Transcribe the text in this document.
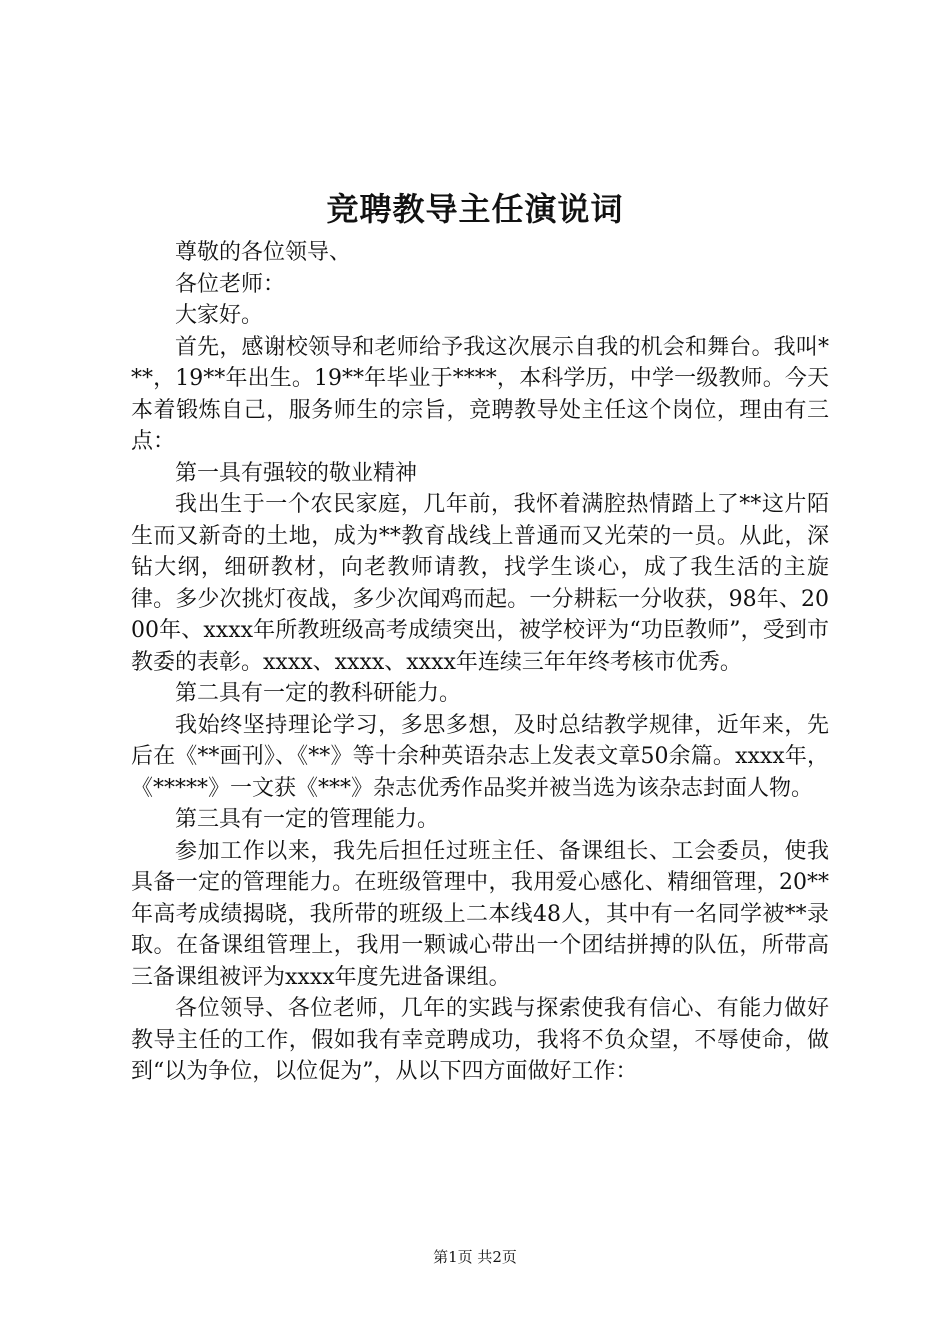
竞聘教导主任演说词

尊敬的各位领导、

各位老师：

大家好。

首先，感谢校领导和老师给予我这次展示自我的机会和舞台。我叫***，19**年出生。19**年毕业于****，本科学历，中学一级教师。今天本着锻炼自己，服务师生的宗旨，竞聘教导处主任这个岗位，理由有三点：

第一具有强较的敬业精神

我出生于一个农民家庭，几年前，我怀着满腔热情踏上了**这片陌生而又新奇的土地，成为**教育战线上普通而又光荣的一员。从此，深钻大纲，细研教材，向老教师请教，找学生谈心，成了我生活的主旋律。多少次挑灯夜战，多少次闻鸡而起。一分耕耘一分收获，98年、2000年、xxxx年所教班级高考成绩突出，被学校评为“功臣教师”，受到市教委的表彰。xxxx、xxxx、xxxx年连续三年年终考核市优秀。

第二具有一定的教科研能力。

我始终坚持理论学习，多思多想，及时总结教学规律，近年来，先后在《**画刊》、《**》等十余种英语杂志上发表文章50余篇。xxxx年，《*****》一文获《***》杂志优秀作品奖并被当选为该杂志封面人物。

第三具有一定的管理能力。

参加工作以来，我先后担任过班主任、备课组长、工会委员，使我具备一定的管理能力。在班级管理中，我用爱心感化、精细管理，20**年高考成绩揭晓，我所带的班级上二本线48人，其中有一名同学被**录取。在备课组管理上，我用一颗诚心带出一个团结拼搏的队伍，所带高三备课组被评为xxxx年度先进备课组。

各位领导、各位老师，几年的实践与探索使我有信心、有能力做好教导主任的工作，假如我有幸竞聘成功，我将不负众望，不辱使命，做到“以为争位，以位促为”，从以下四方面做好工作：

第1页 共2页
